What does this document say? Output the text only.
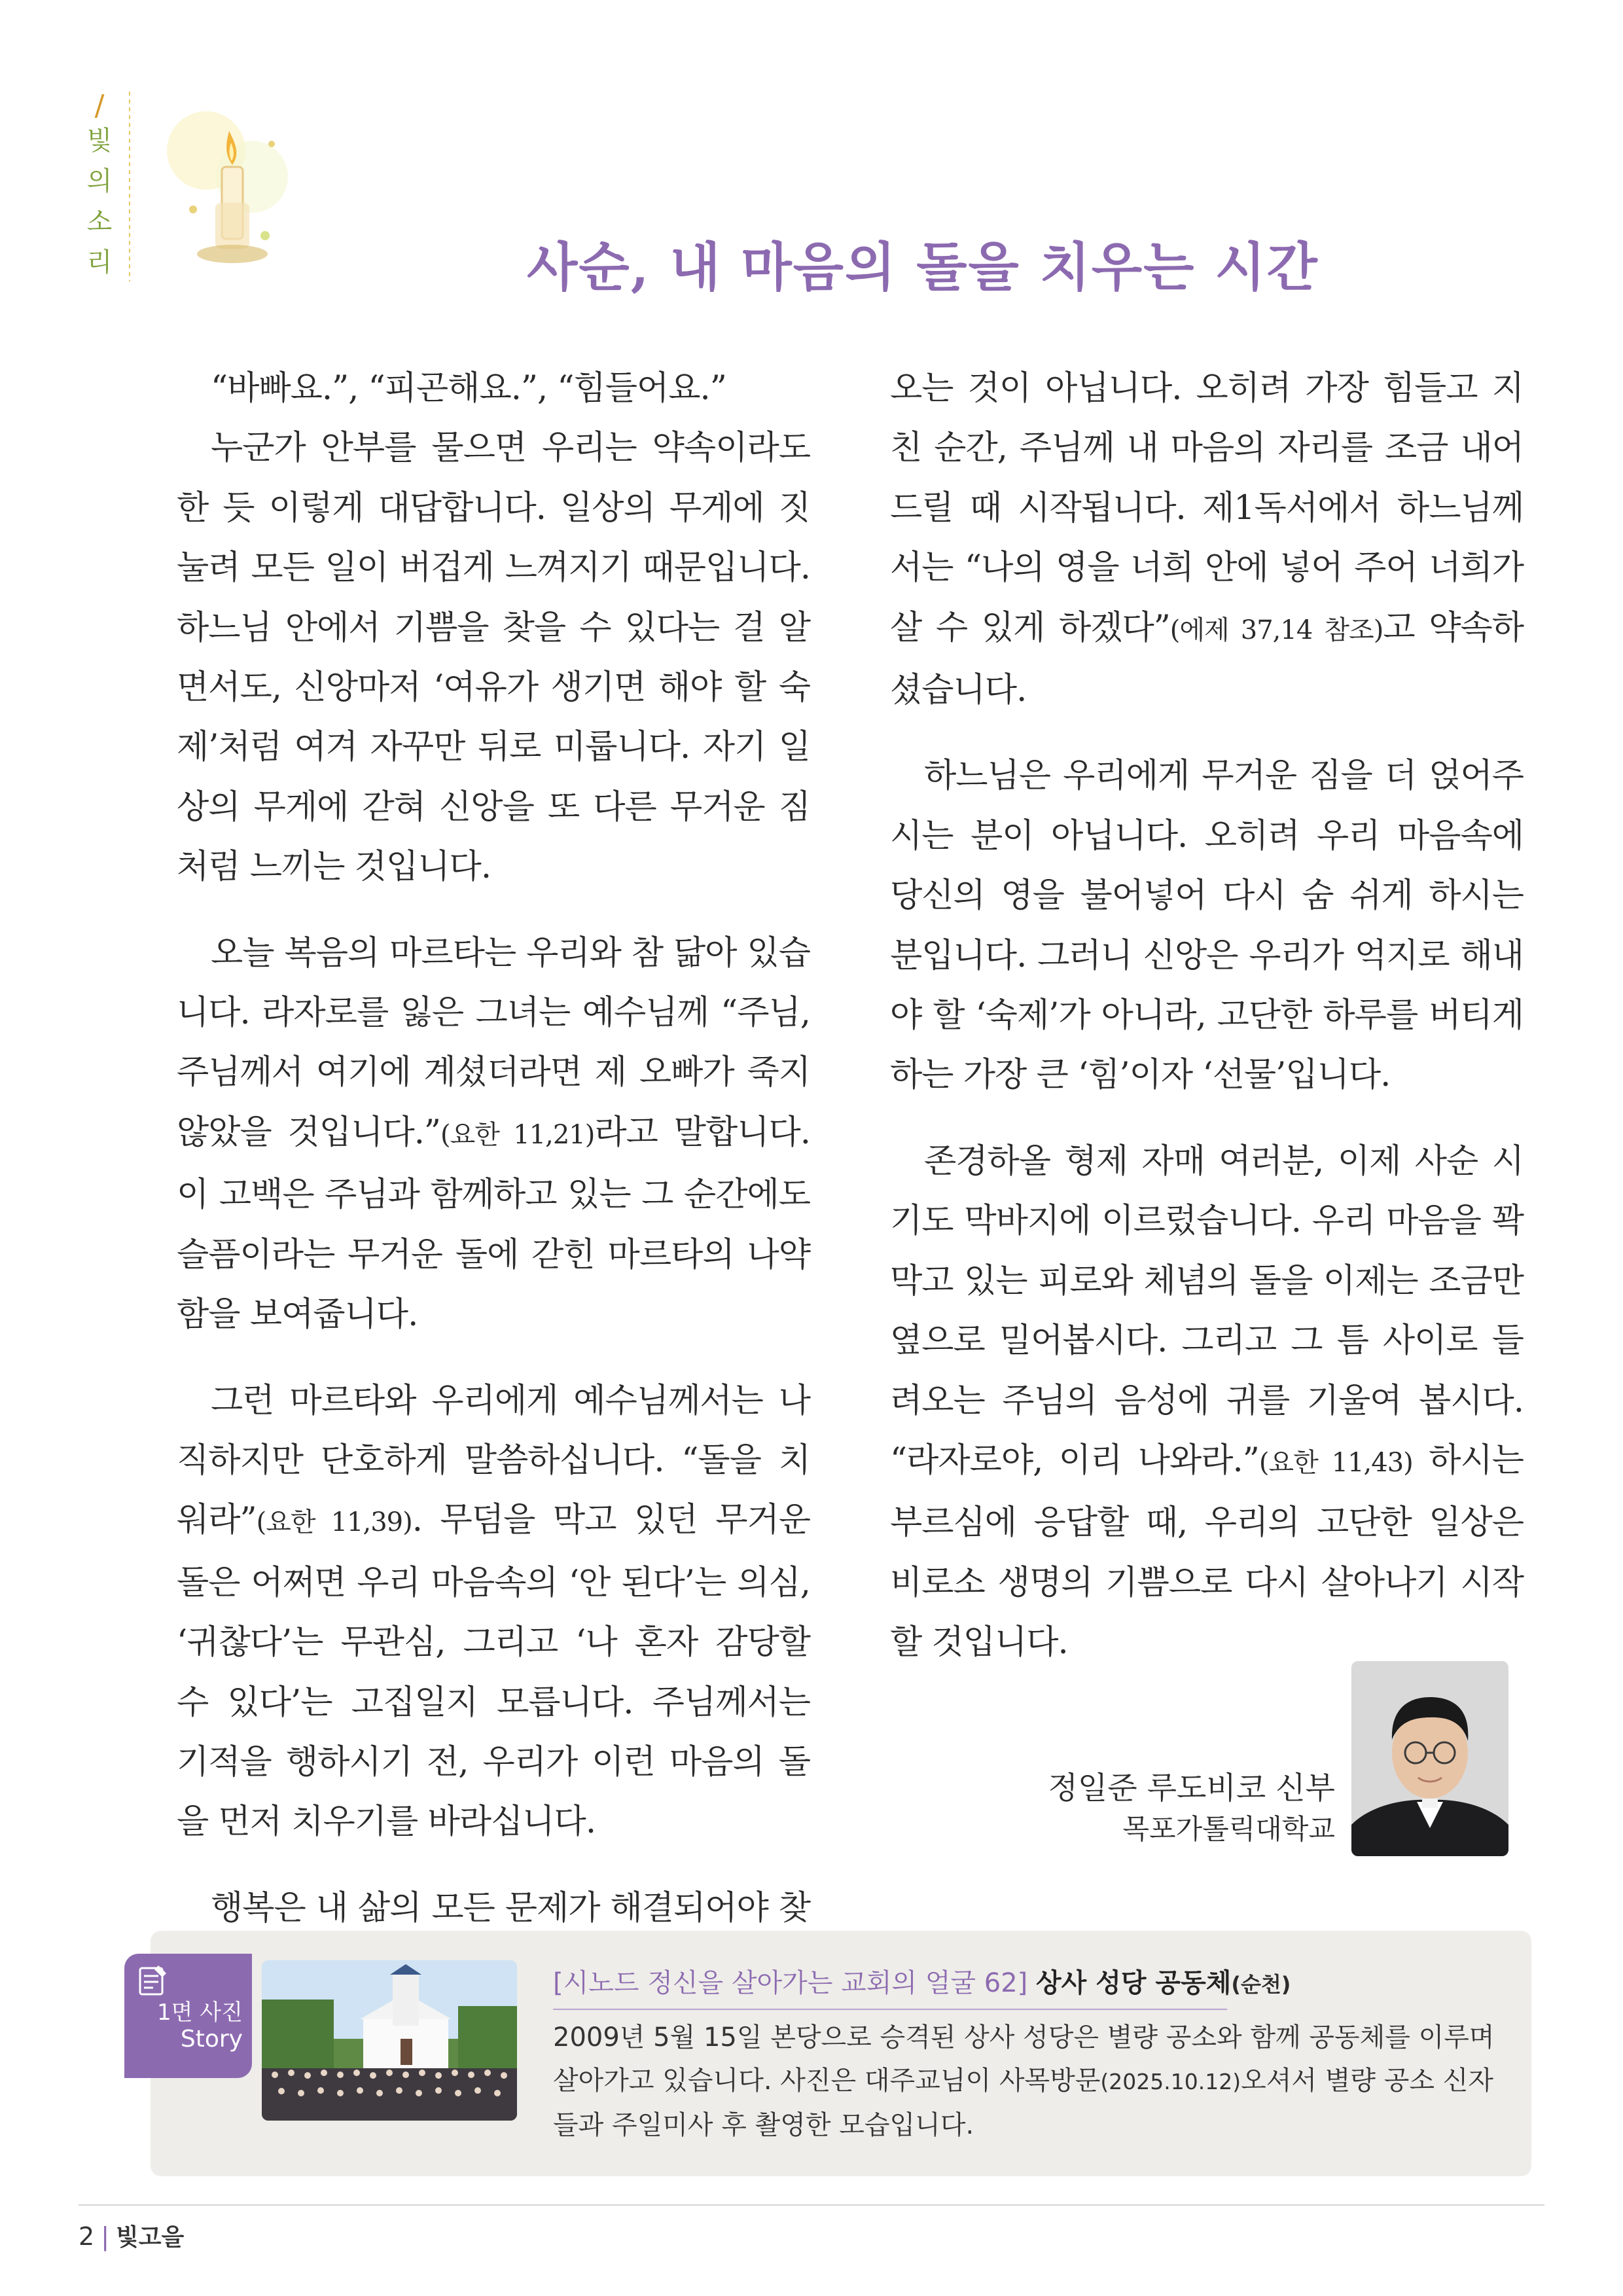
/
빛
의
소
리	사순, 내 마음의 돌을 치우는 시간

“바빠요.”, “피곤해요.”, “힘들어요.”

누군가 안부를 물으면 우리는 약속이라도 한 듯 이렇게 대답합니다. 일상의 무게에 짓눌려 모든 일이 버겁게 느껴지기 때문입니다. 하느님 안에서 기쁨을 찾을 수 있다는 걸 알면서도, 신앙마저 ‘여유가 생기면 해야 할 숙제’처럼 여겨 자꾸만 뒤로 미룹니다. 자기 일상의 무게에 갇혀 신앙을 또 다른 무거운 짐처럼 느끼는 것입니다.

오늘 복음의 마르타는 우리와 참 닮아 있습니다. 라자로를 잃은 그녀는 예수님께 “주님, 주님께서 여기에 계셨더라면 제 오빠가 죽지 않았을 것입니다.”(요한 11,21)라고 말합니다. 이 고백은 주님과 함께하고 있는 그 순간에도 슬픔이라는 무거운 돌에 갇힌 마르타의 나약함을 보여줍니다.

그런 마르타와 우리에게 예수님께서는 나직하지만 단호하게 말씀하십니다. “돌을 치워라”(요한 11,39). 무덤을 막고 있던 무거운 돌은 어쩌면 우리 마음속의 ‘안 된다’는 의심, ‘귀찮다’는 무관심, 그리고 ‘나 혼자 감당할 수 있다’는 고집일지 모릅니다. 주님께서는 기적을 행하시기 전, 우리가 이런 마음의 돌을 먼저 치우기를 바라십니다.

행복은 내 삶의 모든 문제가 해결되어야 찾

오는 것이 아닙니다. 오히려 가장 힘들고 지친 순간, 주님께 내 마음의 자리를 조금 내어드릴 때 시작됩니다. 제1독서에서 하느님께서는 “나의 영을 너희 안에 넣어 주어 너희가 살 수 있게 하겠다”(에제 37,14 참조)고 약속하셨습니다.

하느님은 우리에게 무거운 짐을 더 얹어주시는 분이 아닙니다. 오히려 우리 마음속에 당신의 영을 불어넣어 다시 숨 쉬게 하시는 분입니다. 그러니 신앙은 우리가 억지로 해내야 할 ‘숙제’가 아니라, 고단한 하루를 버티게 하는 가장 큰 ‘힘’이자 ‘선물’입니다.

존경하올 형제 자매 여러분, 이제 사순 시기도 막바지에 이르렀습니다. 우리 마음을 꽉 막고 있는 피로와 체념의 돌을 이제는 조금만 옆으로 밀어봅시다. 그리고 그 틈 사이로 들려오는 주님의 음성에 귀를 기울여 봅시다. “라자로야, 이리 나와라.”(요한 11,43) 하시는 부르심에 응답할 때, 우리의 고단한 일상은 비로소 생명의 기쁨으로 다시 살아나기 시작할 것입니다.

정일준 루도비코 신부
목포가톨릭대학교
1면 사진
Story
[시노드 정신을 살아가는 교회의 얼굴 62] 상사 성당 공동체(순천)
2009년 5월 15일 본당으로 승격된 상사 성당은 별량 공소와 함께 공동체를 이루며 살아가고 있습니다. 사진은 대주교님이 사목방문(2025.10.12)오셔서 별량 공소 신자들과 주일미사 후 촬영한 모습입니다.
2 | 빛고을
